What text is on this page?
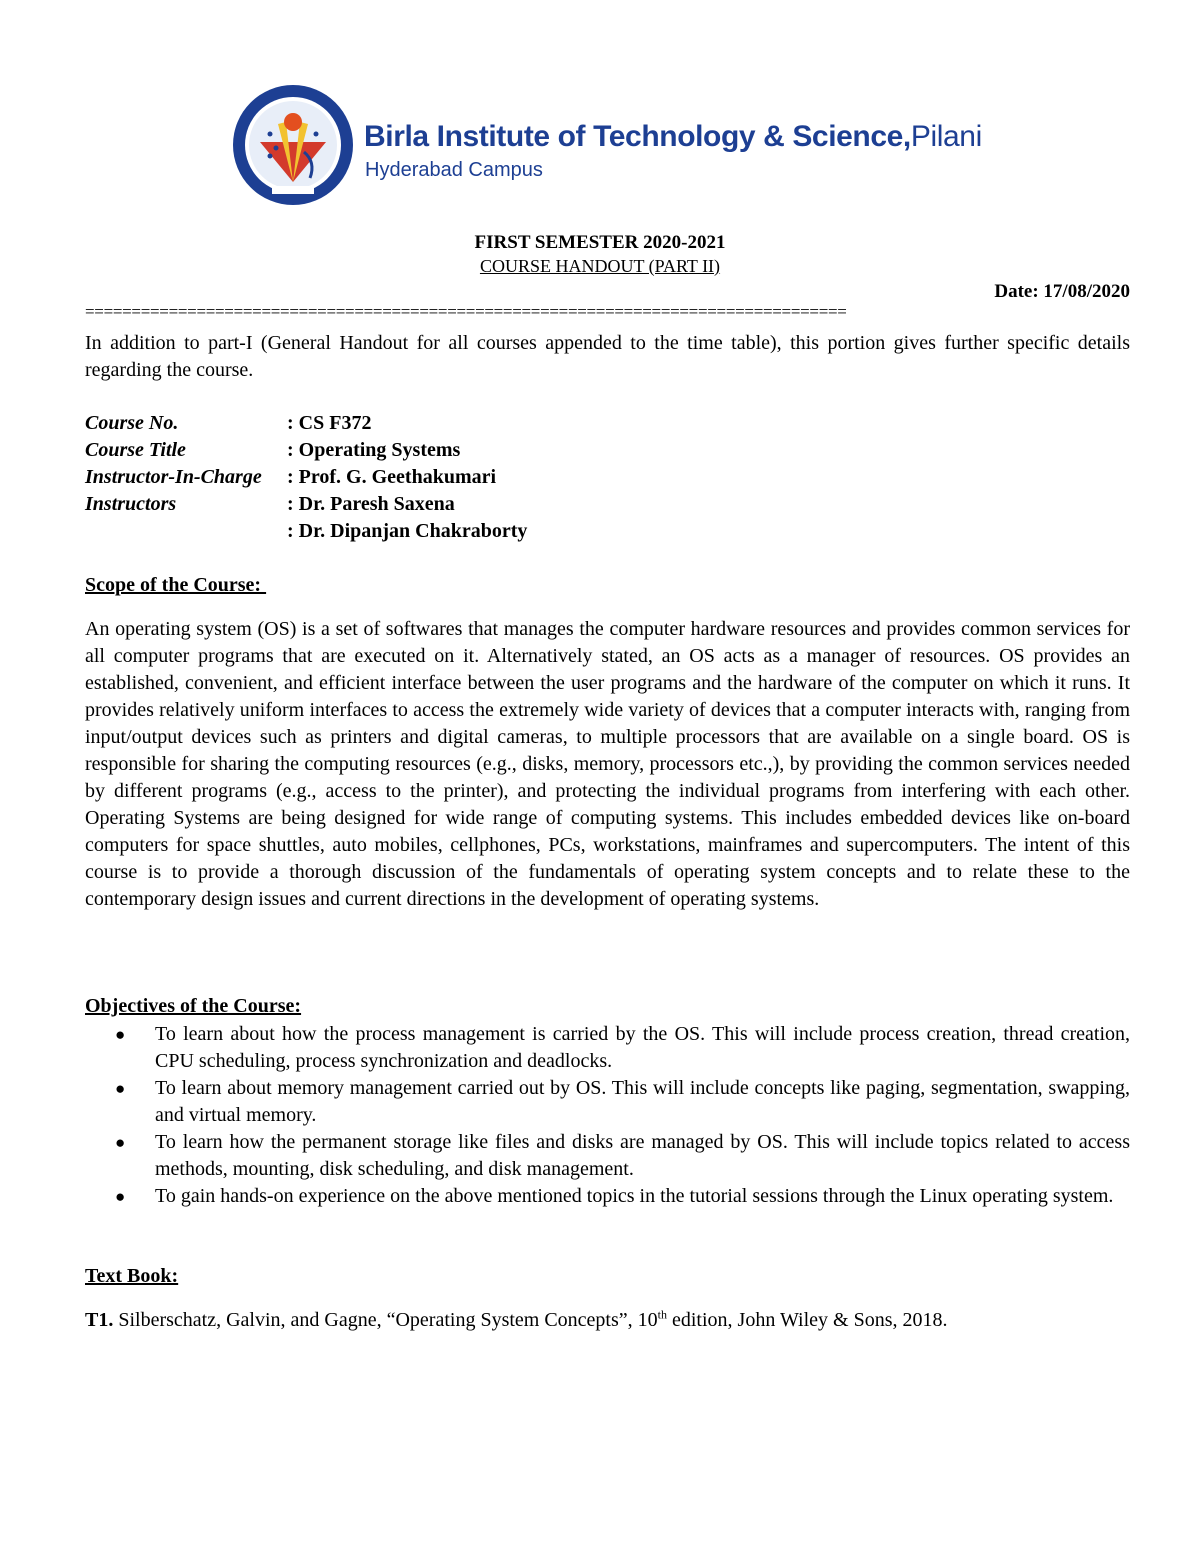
Birla Institute of Technology & Science,Pilani
Hyderabad Campus
FIRST SEMESTER 2020-2021
COURSE HANDOUT (PART II)
Date: 17/08/2020
==================================================================================

In addition to part-I (General Handout for all courses appended to the time table), this portion gives further specific details regarding the course.

Course No.	: CS F372
Course Title	: Operating Systems
Instructor-In-Charge	: Prof. G. Geethakumari
Instructors	: Dr. Paresh Saxena
: Dr. Dipanjan Chakraborty
Scope of the Course:

An operating system (OS) is a set of softwares that manages the computer hardware resources and provides common services for all computer programs that are executed on it. Alternatively stated, an OS acts as a manager of resources. OS provides an established, convenient, and efficient interface between the user programs and the hardware of the computer on which it runs. It provides relatively uniform interfaces to access the extremely wide variety of devices that a computer interacts with, ranging from input/output devices such as printers and digital cameras, to multiple processors that are available on a single board. OS is responsible for sharing the computing resources (e.g., disks, memory, processors etc.,), by providing the common services needed by different programs (e.g., access to the printer), and protecting the individual programs from interfering with each other. Operating Systems are being designed for wide range of computing systems. This includes embedded devices like on-board computers for space shuttles, auto mobiles, cellphones, PCs, workstations, mainframes and supercomputers. The intent of this course is to provide a thorough discussion of the fundamentals of operating system concepts and to relate these to the contemporary design issues and current directions in the development of operating systems.

Objectives of the Course:
●	To learn about how the process management is carried by the OS. This will include process creation, thread creation, CPU scheduling, process synchronization and deadlocks.
●	To learn about memory management carried out by OS. This will include concepts like paging, segmentation, swapping, and virtual memory.
●	To learn how the permanent storage like files and disks are managed by OS. This will include topics related to access methods, mounting, disk scheduling, and disk management.
●	To gain hands-on experience on the above mentioned topics in the tutorial sessions through the Linux operating system.
Text Book:
T1. Silberschatz, Galvin, and Gagne, “Operating System Concepts”, 10th edition, John Wiley & Sons, 2018.
